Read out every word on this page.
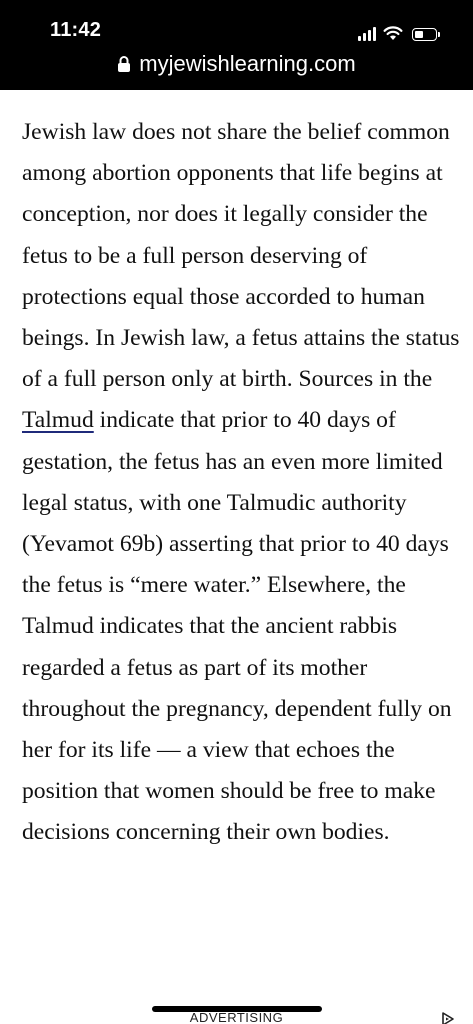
11:42
myjewishlearning.com

Jewish law does not share the belief common among abortion opponents that life begins at conception, nor does it legally consider the fetus to be a full person deserving of protections equal those accorded to human beings. In Jewish law, a fetus attains the status of a full person only at birth. Sources in the Talmud indicate that prior to 40 days of gestation, the fetus has an even more limited legal status, with one Talmudic authority (Yevamot 69b) asserting that prior to 40 days the fetus is “mere water.” Elsewhere, the Talmud indicates that the ancient rabbis regarded a fetus as part of its mother throughout the pregnancy, dependent fully on her for its life — a view that echoes the position that women should be free to make decisions concerning their own bodies.

ADVERTISING
